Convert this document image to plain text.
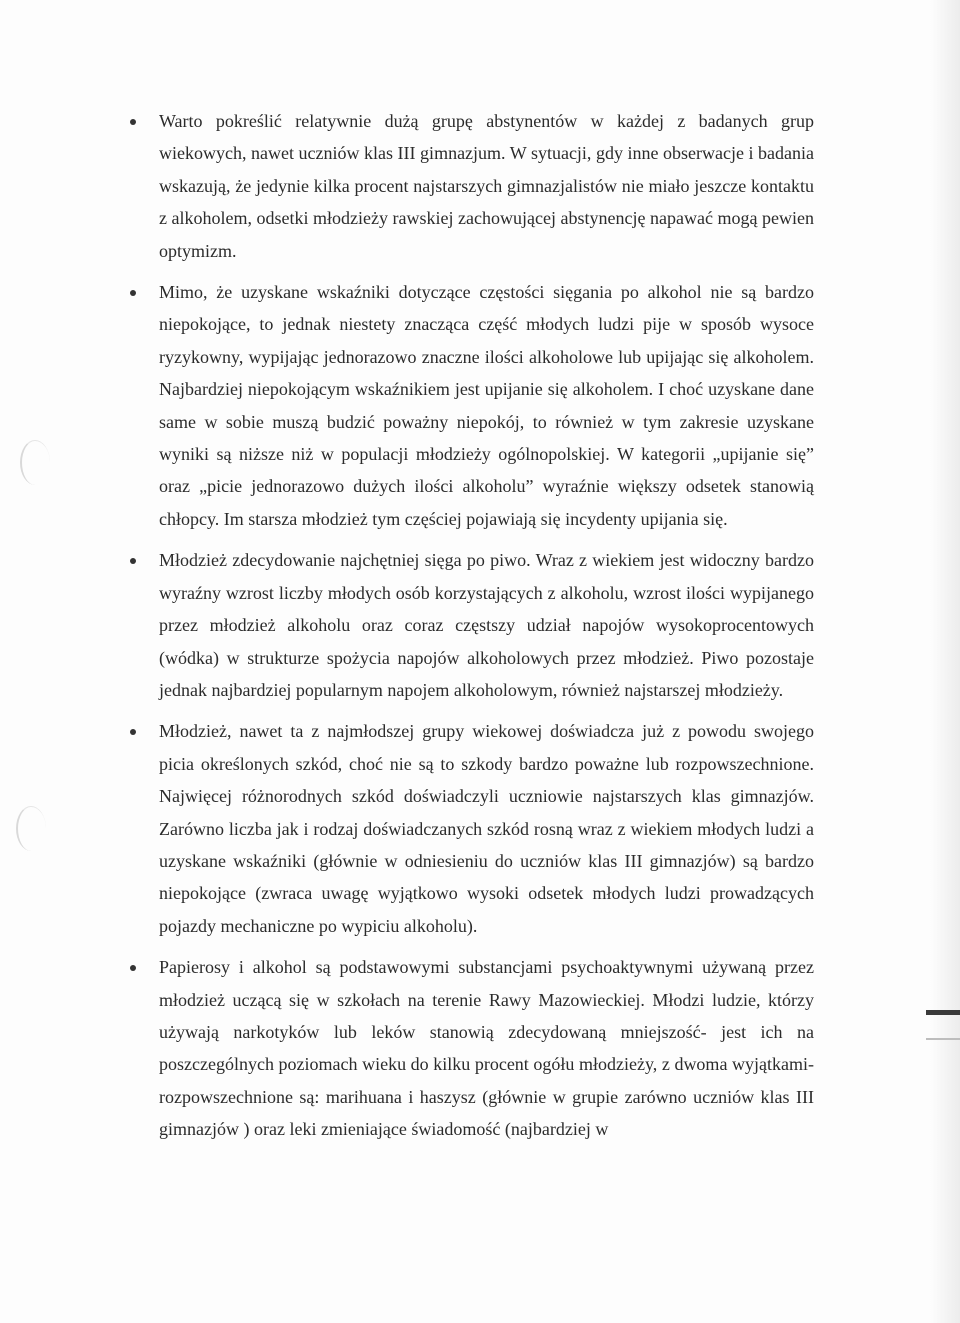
Warto pokreślić relatywnie dużą grupę abstynentów w każdej z badanych grup wiekowych, nawet uczniów klas III gimnazjum. W sytuacji, gdy inne obserwacje i badania wskazują, że jedynie kilka procent najstarszych gimnazjalistów nie miało jeszcze kontaktu z alkoholem, odsetki młodzieży rawskiej zachowującej abstynencję napawać mogą pewien optymizm.
Mimo, że uzyskane wskaźniki dotyczące częstości sięgania po alkohol nie są bardzo niepokojące, to jednak niestety znacząca część młodych ludzi pije w sposób wysoce ryzykowny, wypijając jednorazowo znaczne ilości alkoholowe lub upijając się alkoholem. Najbardziej niepokojącym wskaźnikiem jest upijanie się alkoholem. I choć uzyskane dane same w sobie muszą budzić poważny niepokój, to również w tym zakresie uzyskane wyniki są niższe niż w populacji młodzieży ogólnopolskiej. W kategorii „upijanie się” oraz „picie jednorazowo dużych ilości alkoholu” wyraźnie większy odsetek stanowią chłopcy. Im starsza młodzież tym częściej pojawiają się incydenty upijania się.
Młodzież zdecydowanie najchętniej sięga po piwo. Wraz z wiekiem jest widoczny bardzo wyraźny wzrost liczby młodych osób korzystających z alkoholu, wzrost ilości wypijanego przez młodzież alkoholu oraz coraz częstszy udział napojów wysokoprocentowych (wódka) w strukturze spożycia napojów alkoholowych przez młodzież. Piwo pozostaje jednak najbardziej popularnym napojem alkoholowym, również najstarszej młodzieży.
Młodzież, nawet ta z najmłodszej grupy wiekowej doświadcza już z powodu swojego picia określonych szkód, choć nie są to szkody bardzo poważne lub rozpowszechnione. Najwięcej różnorodnych szkód doświadczyli uczniowie najstarszych klas gimnazjów. Zarówno liczba jak i rodzaj doświadczanych szkód rosną wraz z wiekiem młodych ludzi a uzyskane wskaźniki (głównie w odniesieniu do uczniów klas III gimnazjów) są bardzo niepokojące (zwraca uwagę wyjątkowo wysoki odsetek młodych ludzi prowadzących pojazdy mechaniczne po wypiciu alkoholu).
Papierosy i alkohol są podstawowymi substancjami psychoaktywnymi używaną przez młodzież uczącą się w szkołach na terenie Rawy Mazowieckiej. Młodzi ludzie, którzy używają narkotyków lub leków stanowią zdecydowaną mniejszość- jest ich na poszczególnych poziomach wieku do kilku procent ogółu młodzieży, z dwoma wyjątkami- rozpowszechnione są: marihuana i haszysz (głównie w grupie zarówno uczniów klas III gimnazjów ) oraz leki zmieniające świadomość (najbardziej w
